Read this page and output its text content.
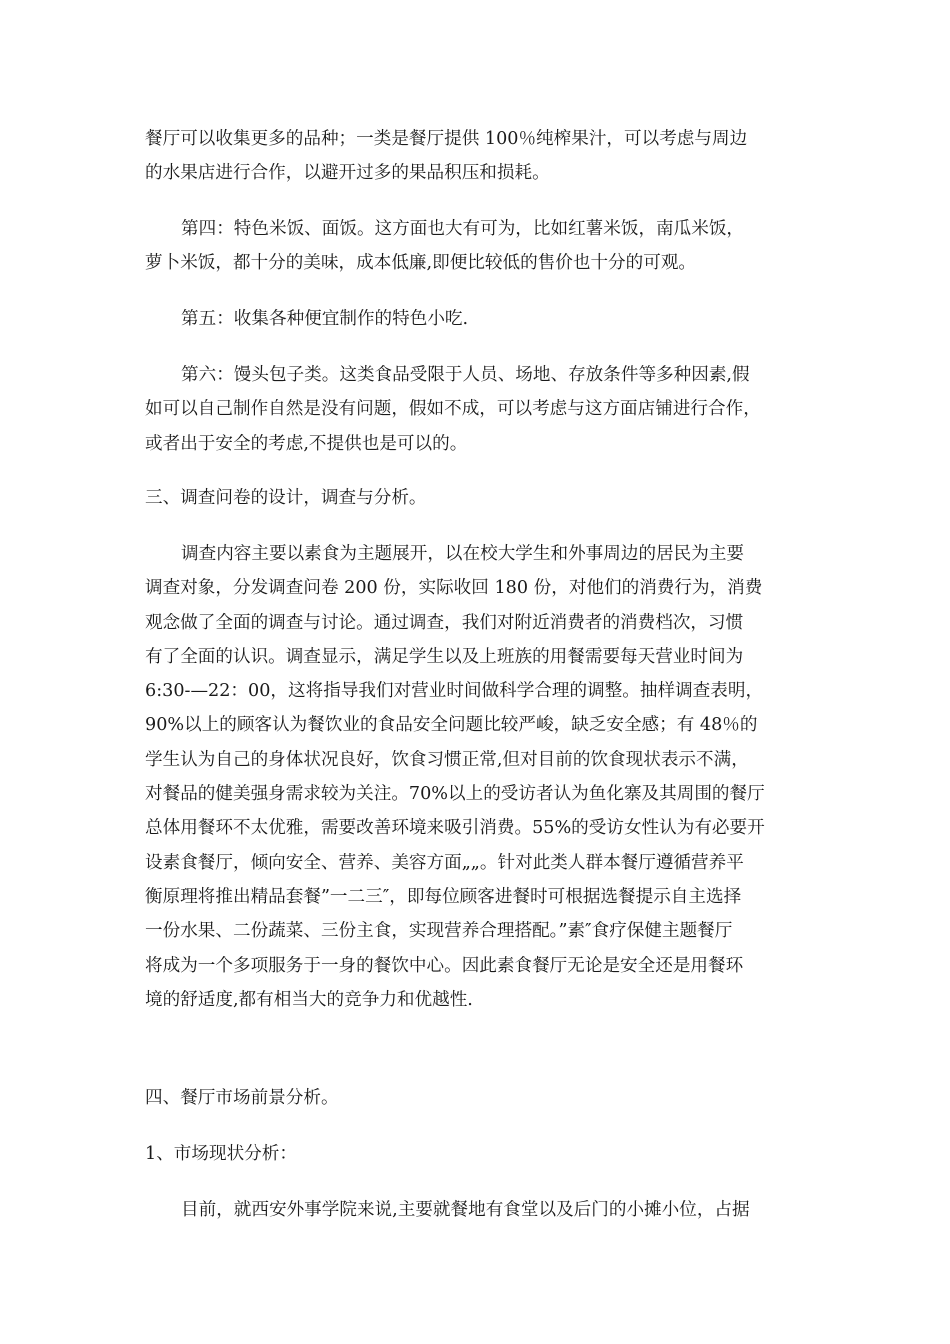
餐厅可以收集更多的品种；一类是餐厅提供 100％纯榨果汁，可以考虑与周边
的水果店进行合作，以避开过多的果品积压和损耗。
第四：特色米饭、面饭。这方面也大有可为，比如红薯米饭，南瓜米饭，
萝卜米饭，都十分的美味，成本低廉,即便比较低的售价也十分的可观。
第五：收集各种便宜制作的特色小吃.
第六：馒头包子类。这类食品受限于人员、场地、存放条件等多种因素,假
如可以自己制作自然是没有问题，假如不成，可以考虑与这方面店铺进行合作，
或者出于安全的考虑,不提供也是可以的。
三、调查问卷的设计，调查与分析。
调查内容主要以素食为主题展开，以在校大学生和外事周边的居民为主要
调查对象，分发调查问卷 200 份，实际收回 180 份，对他们的消费行为，消费
观念做了全面的调查与讨论。通过调查，我们对附近消费者的消费档次，习惯
有了全面的认识。调查显示，满足学生以及上班族的用餐需要每天营业时间为
6:30-—22：00，这将指导我们对营业时间做科学合理的调整。抽样调查表明，
90%以上的顾客认为餐饮业的食品安全问题比较严峻，缺乏安全感；有 48％的
学生认为自己的身体状况良好，饮食习惯正常,但对目前的饮食现状表示不满，
对餐品的健美强身需求较为关注。70%以上的受访者认为鱼化寨及其周围的餐厅
总体用餐环不太优雅，需要改善环境来吸引消费。55%的受访女性认为有必要开
设素食餐厅，倾向安全、营养、美容方面„„。针对此类人群本餐厅遵循营养平
衡原理将推出精品套餐”一二三″，即每位顾客进餐时可根据选餐提示自主选择
一份水果、二份蔬菜、三份主食，实现营养合理搭配。”素″食疗保健主题餐厅
将成为一个多项服务于一身的餐饮中心。因此素食餐厅无论是安全还是用餐环
境的舒适度,都有相当大的竞争力和优越性.
四、餐厅市场前景分析。
1、市场现状分析：
目前，就西安外事学院来说,主要就餐地有食堂以及后门的小摊小位，占据
